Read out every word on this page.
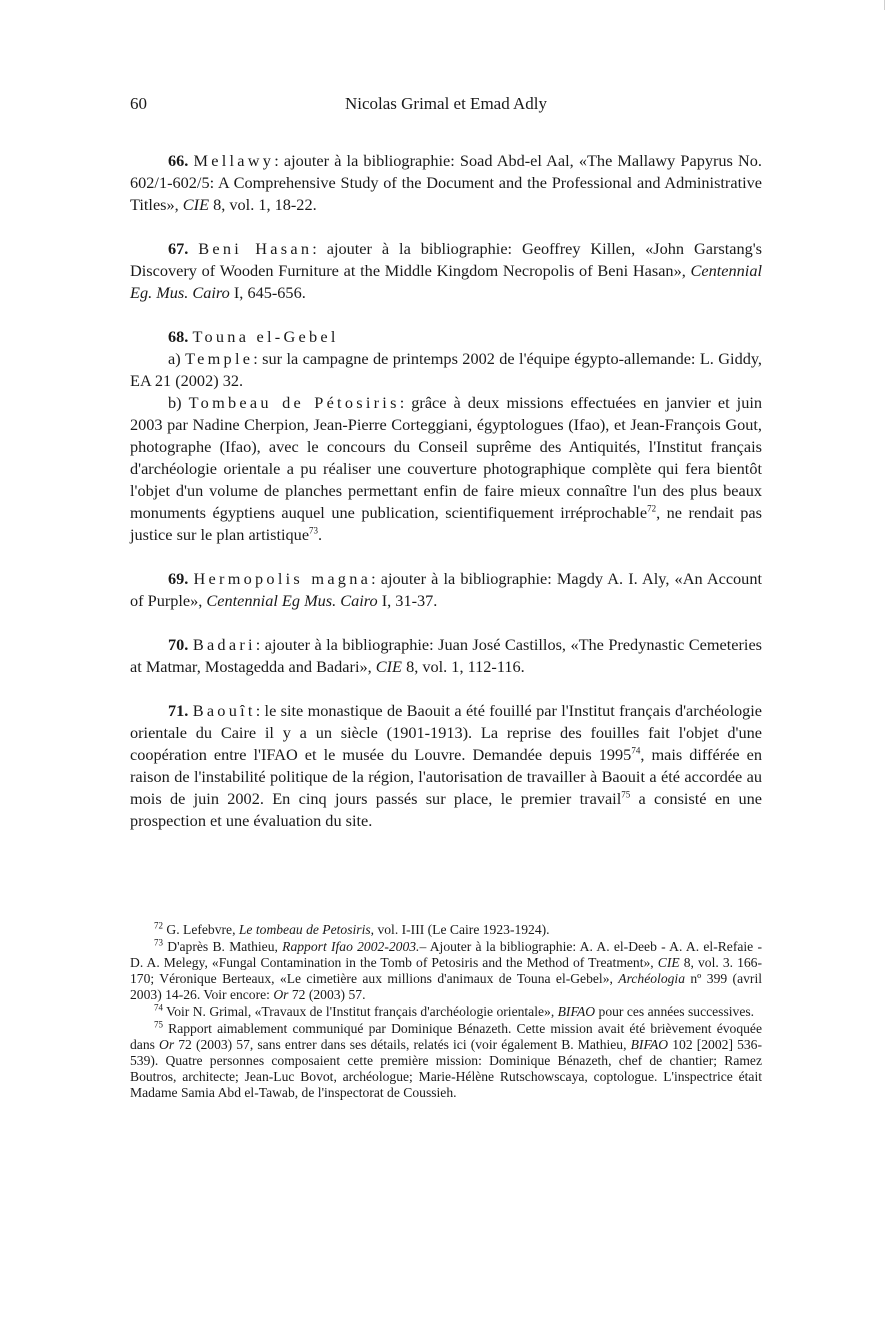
60	Nicolas Grimal et Emad Adly

66. Mellawy: ajouter à la bibliographie: Soad Abd-el Aal, «The Mallawy Papyrus No. 602/1-602/5: A Comprehensive Study of the Document and the Professional and Administrative Titles», CIE 8, vol. 1, 18-22.

67. Beni Hasan: ajouter à la bibliographie: Geoffrey Killen, «John Garstang's Discovery of Wooden Furniture at the Middle Kingdom Necropolis of Beni Hasan», Centennial Eg. Mus. Cairo I, 645-656.

68. Touna el-Gebel

a) Temple: sur la campagne de printemps 2002 de l'équipe égypto-allemande: L. Giddy, EA 21 (2002) 32.

b) Tombeau de Pétosiris: grâce à deux missions effectuées en janvier et juin 2003 par Nadine Cherpion, Jean-Pierre Corteggiani, égyptologues (Ifao), et Jean-François Gout, photographe (Ifao), avec le concours du Conseil suprême des Antiquités, l'Institut français d'archéologie orientale a pu réaliser une couverture photographique complète qui fera bientôt l'objet d'un volume de planches permettant enfin de faire mieux connaître l'un des plus beaux monuments égyptiens auquel une publication, scientifiquement irréprochable$^{72}$, ne rendait pas justice sur le plan artistique$^{73}$.

69. Hermopolis magna: ajouter à la bibliographie: Magdy A. I. Aly, «An Account of Purple», Centennial Eg Mus. Cairo I, 31-37.

70. Badari: ajouter à la bibliographie: Juan José Castillos, «The Predynastic Cemeteries at Matmar, Mostagedda and Badari», CIE 8, vol. 1, 112-116.

71. Baouît: le site monastique de Baouit a été fouillé par l'Institut français d'archéologie orientale du Caire il y a un siècle (1901-1913). La reprise des fouilles fait l'objet d'une coopération entre l'IFAO et le musée du Louvre. Demandée depuis 1995$^{74}$, mais différée en raison de l'instabilité politique de la région, l'autorisation de travailler à Baouit a été accordée au mois de juin 2002. En cinq jours passés sur place, le premier travail$^{75}$ a consisté en une prospection et une évaluation du site.

$^{72}$ G. Lefebvre, Le tombeau de Petosiris, vol. I-III (Le Caire 1923-1924).

$^{73}$ D'après B. Mathieu, Rapport Ifao 2002-2003.– Ajouter à la bibliographie: A. A. el-Deeb - A. A. el-Refaie - D. A. Melegy, «Fungal Contamination in the Tomb of Petosiris and the Method of Treatment», CIE 8, vol. 3. 166-170; Véronique Berteaux, «Le cimetière aux millions d'animaux de Touna el-Gebel», Archéologia nº 399 (avril 2003) 14-26. Voir encore: Or 72 (2003) 57.

$^{74}$ Voir N. Grimal, «Travaux de l'Institut français d'archéologie orientale», BIFAO pour ces années successives.

$^{75}$ Rapport aimablement communiqué par Dominique Bénazeth. Cette mission avait été brièvement évoquée dans Or 72 (2003) 57, sans entrer dans ses détails, relatés ici (voir également B. Mathieu, BIFAO 102 [2002] 536-539). Quatre personnes composaient cette première mission: Dominique Bénazeth, chef de chantier; Ramez Boutros, architecte; Jean-Luc Bovot, archéologue; Marie-Hélène Rutschowscaya, coptologue. L'inspectrice était Madame Samia Abd el-Tawab, de l'inspectorat de Coussieh.
